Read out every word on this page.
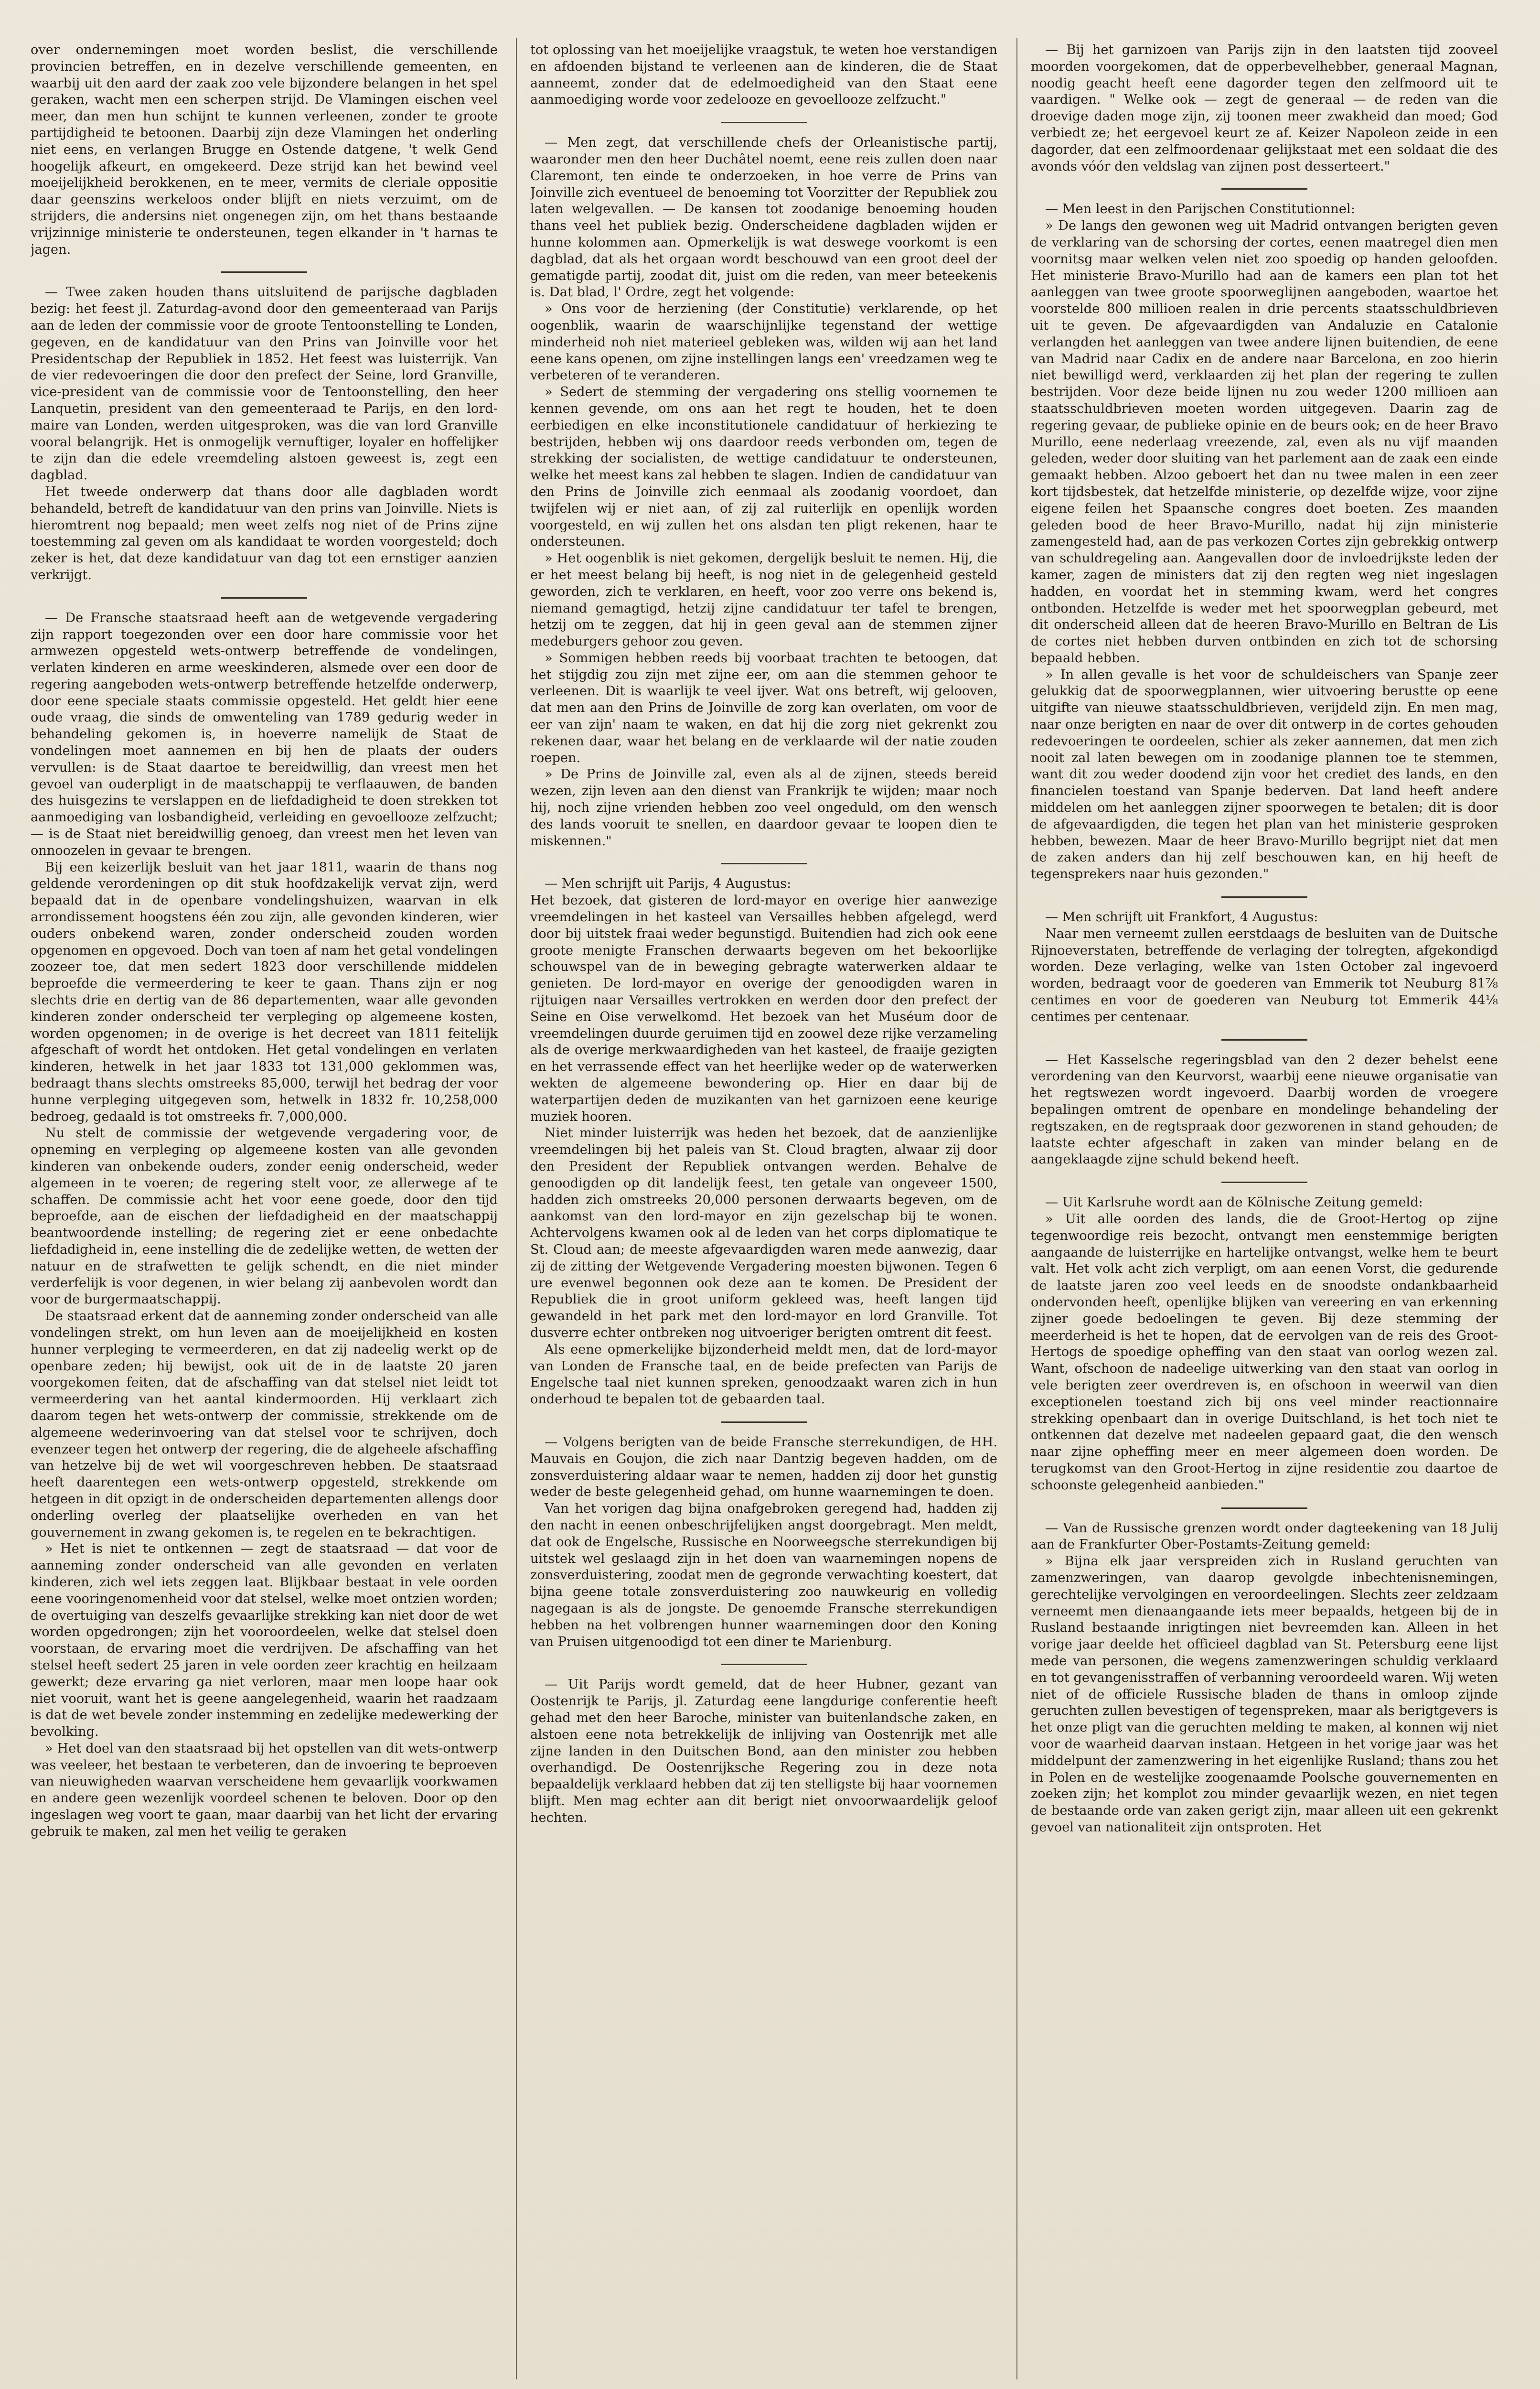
over ondernemingen moet worden beslist, die verschillende provincien betreffen, en in dezelve verschillende gemeenten, en waarbij uit den aard der zaak zoo vele bijzondere belangen in het spel geraken, wacht men een scherpen strijd. De Vlamingen eischen veel meer, dan men hun schijnt te kunnen verleenen, zonder te groote partijdigheid te betoonen. Daarbij zijn deze Vlamingen het onderling niet eens, en verlangen Brugge en Ostende datgene, 't welk Gend hoogelijk afkeurt, en omgekeerd. Deze strijd kan het bewind veel moeijelijkheid berokkenen, en te meer, vermits de cleriale oppositie daar geenszins werkeloos onder blijft en niets verzuimt, om de strijders, die andersins niet ongenegen zijn, om het thans bestaande vrijzinnige ministerie te ondersteunen, tegen elkander in 't harnas te jagen.

— Twee zaken houden thans uitsluitend de parijsche dagbladen bezig: het feest jl. Zaturdag-avond door den gemeenteraad van Parijs aan de leden der commissie voor de groote Tentoonstelling te Londen, gegeven, en de kandidatuur van den Prins van Joinville voor het Presidentschap der Republiek in 1852. Het feest was luisterrijk. Van de vier redevoeringen die door den prefect der Seine, lord Granville, vice-president van de commissie voor de Tentoonstelling, den heer Lanquetin, president van den gemeenteraad te Parijs, en den lord-maire van Londen, werden uitgesproken, was die van lord Granville vooral belangrijk. Het is onmogelijk vernuftiger, loyaler en hoffelijker te zijn dan die edele vreemdeling alstoen geweest is, zegt een dagblad.

Het tweede onderwerp dat thans door alle dagbladen wordt behandeld, betreft de kandidatuur van den prins van Joinville. Niets is hieromtrent nog bepaald; men weet zelfs nog niet of de Prins zijne toestemming zal geven om als kandidaat te worden voorgesteld; doch zeker is het, dat deze kandidatuur van dag tot een ernstiger aanzien verkrijgt.

— De Fransche staatsraad heeft aan de wetgevende vergadering zijn rapport toegezonden over een door hare commissie voor het armwezen opgesteld wets-ontwerp betreffende de vondelingen, verlaten kinderen en arme weeskinderen, alsmede over een door de regering aangeboden wets-ontwerp betreffende hetzelfde onderwerp, door eene speciale staats commissie opgesteld. Het geldt hier eene oude vraag, die sinds de omwenteling van 1789 gedurig weder in behandeling gekomen is, in hoeverre namelijk de Staat de vondelingen moet aannemen en bij hen de plaats der ouders vervullen: is de Staat daartoe te bereidwillig, dan vreest men het gevoel van ouderpligt in de maatschappij te verflaauwen, de banden des huisgezins te verslappen en de liefdadigheid te doen strekken tot aanmoediging van losbandigheid, verleiding en gevoellooze zelfzucht; — is de Staat niet bereidwillig genoeg, dan vreest men het leven van onnoozelen in gevaar te brengen.

Bij een keizerlijk besluit van het jaar 1811, waarin de thans nog geldende verordeningen op dit stuk hoofdzakelijk vervat zijn, werd bepaald dat in de openbare vondelingshuizen, waarvan in elk arrondissement hoogstens één zou zijn, alle gevonden kinderen, wier ouders onbekend waren, zonder onderscheid zouden worden opgenomen en opgevoed. Doch van toen af nam het getal vondelingen zoozeer toe, dat men sedert 1823 door verschillende middelen beproefde die vermeerdering te keer te gaan. Thans zijn er nog slechts drie en dertig van de 86 departementen, waar alle gevonden kinderen zonder onderscheid ter verpleging op algemeene kosten, worden opgenomen; in de overige is het decreet van 1811 feitelijk afgeschaft of wordt het ontdoken. Het getal vondelingen en verlaten kinderen, hetwelk in het jaar 1833 tot 131,000 geklommen was, bedraagt thans slechts omstreeks 85,000, terwijl het bedrag der voor hunne verpleging uitgegeven som, hetwelk in 1832 fr. 10,258,000 bedroeg, gedaald is tot omstreeks fr. 7,000,000.

Nu stelt de commissie der wetgevende vergadering voor, de opneming en verpleging op algemeene kosten van alle gevonden kinderen van onbekende ouders, zonder eenig onderscheid, weder algemeen in te voeren; de regering stelt voor, ze allerwege af te schaffen. De commissie acht het voor eene goede, door den tijd beproefde, aan de eischen der liefdadigheid en der maatschappij beantwoordende instelling; de regering ziet er eene onbedachte liefdadigheid in, eene instelling die de zedelijke wetten, de wetten der natuur en de strafwetten te gelijk schendt, en die niet minder verderfelijk is voor degenen, in wier belang zij aanbevolen wordt dan voor de burgermaatschappij.

De staatsraad erkent dat de aanneming zonder onderscheid van alle vondelingen strekt, om hun leven aan de moeijelijkheid en kosten hunner verpleging te vermeerderen, en dat zij nadeelig werkt op de openbare zeden; hij bewijst, ook uit de in de laatste 20 jaren voorgekomen feiten, dat de afschaffing van dat stelsel niet leidt tot vermeerdering van het aantal kindermoorden. Hij verklaart zich daarom tegen het wets-ontwerp der commissie, strekkende om de algemeene wederinvoering van dat stelsel voor te schrijven, doch evenzeer tegen het ontwerp der regering, die de algeheele afschaffing van hetzelve bij de wet wil voorgeschreven hebben. De staatsraad heeft daarentegen een wets-ontwerp opgesteld, strekkende om hetgeen in dit opzigt in de onderscheiden departementen allengs door onderling overleg der plaatselijke overheden en van het gouvernement in zwang gekomen is, te regelen en te bekrachtigen.

» Het is niet te ontkennen — zegt de staatsraad — dat voor de aanneming zonder onderscheid van alle gevonden en verlaten kinderen, zich wel iets zeggen laat. Blijkbaar bestaat in vele oorden eene vooringenomenheid voor dat stelsel, welke moet ontzien worden; de overtuiging van deszelfs gevaarlijke strekking kan niet door de wet worden opgedrongen; zijn het vooroordeelen, welke dat stelsel doen voorstaan, de ervaring moet die verdrijven. De afschaffing van het stelsel heeft sedert 25 jaren in vele oorden zeer krachtig en heilzaam gewerkt; deze ervaring ga niet verloren, maar men loope haar ook niet vooruit, want het is geene aangelegenheid, waarin het raadzaam is dat de wet bevele zonder instemming en zedelijke medewerking der bevolking.

» Het doel van den staatsraad bij het opstellen van dit wets-ontwerp was veeleer, het bestaan te verbeteren, dan de invoering te beproeven van nieuwigheden waarvan verscheidene hem gevaarlijk voorkwamen en andere geen wezenlijk voordeel schenen te beloven. Door op den ingeslagen weg voort te gaan, maar daarbij van het licht der ervaring gebruik te maken, zal men het veilig te geraken

tot oplossing van het moeijelijke vraagstuk, te weten hoe verstandigen en afdoenden bijstand te verleenen aan de kinderen, die de Staat aanneemt, zonder dat de edelmoedigheid van den Staat eene aanmoediging worde voor zedelooze en gevoellooze zelfzucht."

— Men zegt, dat verschillende chefs der Orleanistische partij, waaronder men den heer Duchâtel noemt, eene reis zullen doen naar Claremont, ten einde te onderzoeken, in hoe verre de Prins van Joinville zich eventueel de benoeming tot Voorzitter der Republiek zou laten welgevallen. — De kansen tot zoodanige benoeming houden thans veel het publiek bezig. Onderscheidene dagbladen wijden er hunne kolommen aan. Opmerkelijk is wat deswege voorkomt is een dagblad, dat als het orgaan wordt beschouwd van een groot deel der gematigde partij, zoodat dit, juist om die reden, van meer beteekenis is. Dat blad, l' Ordre, zegt het volgende:

» Ons voor de herziening (der Constitutie) verklarende, op het oogenblik, waarin de waarschijnlijke tegenstand der wettige minderheid noh niet materieel gebleken was, wilden wij aan het land eene kans openen, om zijne instellingen langs een' vreedzamen weg te verbeteren of te veranderen.

» Sedert de stemming der vergadering ons stellig voornemen te kennen gevende, om ons aan het regt te houden, het te doen eerbiedigen en elke inconstitutionele candidatuur of herkiezing te bestrijden, hebben wij ons daardoor reeds verbonden om, tegen de strekking der socialisten, de wettige candidatuur te ondersteunen, welke het meest kans zal hebben te slagen. Indien de candidatuur van den Prins de Joinville zich eenmaal als zoodanig voordoet, dan twijfelen wij er niet aan, of zij zal ruiterlijk en openlijk worden voorgesteld, en wij zullen het ons alsdan ten pligt rekenen, haar te ondersteunen.

» Het oogenblik is niet gekomen, dergelijk besluit te nemen. Hij, die er het meest belang bij heeft, is nog niet in de gelegenheid gesteld geworden, zich te verklaren, en heeft, voor zoo verre ons bekend is, niemand gemagtigd, hetzij zijne candidatuur ter tafel te brengen, hetzij om te zeggen, dat hij in geen geval aan de stemmen zijner medeburgers gehoor zou geven.

» Sommigen hebben reeds bij voorbaat trachten te betoogen, dat het stijgdig zou zijn met zijne eer, om aan die stemmen gehoor te verleenen. Dit is waarlijk te veel ijver. Wat ons betreft, wij gelooven, dat men aan den Prins de Joinville de zorg kan overlaten, om voor de eer van zijn' naam te waken, en dat hij die zorg niet gekrenkt zou rekenen daar, waar het belang en de verklaarde wil der natie zouden roepen.

» De Prins de Joinville zal, even als al de zijnen, steeds bereid wezen, zijn leven aan den dienst van Frankrijk te wijden; maar noch hij, noch zijne vrienden hebben zoo veel ongeduld, om den wensch des lands vooruit te snellen, en daardoor gevaar te loopen dien te miskennen."

— Men schrijft uit Parijs, 4 Augustus:

Het bezoek, dat gisteren de lord-mayor en overige hier aanwezige vreemdelingen in het kasteel van Versailles hebben afgelegd, werd door bij uitstek fraai weder begunstigd. Buitendien had zich ook eene groote menigte Franschen derwaarts begeven om het bekoorlijke schouwspel van de in beweging gebragte waterwerken aldaar te genieten. De lord-mayor en overige der genoodigden waren in rijtuigen naar Versailles vertrokken en werden door den prefect der Seine en Oise verwelkomd. Het bezoek van het Muséum door de vreemdelingen duurde geruimen tijd en zoowel deze rijke verzameling als de overige merkwaardigheden van het kasteel, de fraaije gezigten en het verrassende effect van het heerlijke weder op de waterwerken wekten de algemeene bewondering op. Hier en daar bij de waterpartijen deden de muzikanten van het garnizoen eene keurige muziek hooren.

Niet minder luisterrijk was heden het bezoek, dat de aanzienlijke vreemdelingen bij het paleis van St. Cloud bragten, alwaar zij door den President der Republiek ontvangen werden. Behalve de genoodigden op dit landelijk feest, ten getale van ongeveer 1500, hadden zich omstreeks 20,000 personen derwaarts begeven, om de aankomst van den lord-mayor en zijn gezelschap bij te wonen. Achtervolgens kwamen ook al de leden van het corps diplomatique te St. Cloud aan; de meeste afgevaardigden waren mede aanwezig, daar zij de zitting der Wetgevende Vergadering moesten bijwonen. Tegen 6 ure evenwel begonnen ook deze aan te komen. De President der Republiek die in groot uniform gekleed was, heeft langen tijd gewandeld in het park met den lord-mayor en lord Granville. Tot dusverre echter ontbreken nog uitvoeriger berigten omtrent dit feest.

Als eene opmerkelijke bijzonderheid meldt men, dat de lord-mayor van Londen de Fransche taal, en de beide prefecten van Parijs de Engelsche taal niet kunnen spreken, genoodzaakt waren zich in hun onderhoud te bepalen tot de gebaarden taal.

— Volgens berigten van de beide Fransche sterrekundigen, de HH. Mauvais en Goujon, die zich naar Dantzig begeven hadden, om de zonsverduistering aldaar waar te nemen, hadden zij door het gunstig weder de beste gelegenheid gehad, om hunne waarnemingen te doen.

Van het vorigen dag bijna onafgebroken geregend had, hadden zij den nacht in eenen onbeschrijfelijken angst doorgebragt. Men meldt, dat ook de Engelsche, Russische en Noorweegsche sterrekundigen bij uitstek wel geslaagd zijn in het doen van waarnemingen nopens de zonsverduistering, zoodat men de gegronde verwachting koestert, dat bijna geene totale zonsverduistering zoo nauwkeurig en volledig nagegaan is als de jongste. De genoemde Fransche sterrekundigen hebben na het volbrengen hunner waarnemingen door den Koning van Pruisen uitgenoodigd tot een diner te Marienburg.

— Uit Parijs wordt gemeld, dat de heer Hubner, gezant van Oostenrijk te Parijs, jl. Zaturdag eene langdurige conferentie heeft gehad met den heer Baroche, minister van buitenlandsche zaken, en alstoen eene nota betrekkelijk de inlijving van Oostenrijk met alle zijne landen in den Duitschen Bond, aan den minister zou hebben overhandigd. De Oostenrijksche Regering zou in deze nota bepaaldelijk verklaard hebben dat zij ten stelligste bij haar voornemen blijft. Men mag echter aan dit berigt niet onvoorwaardelijk geloof hechten.

— Bij het garnizoen van Parijs zijn in den laatsten tijd zooveel moorden voorgekomen, dat de opperbevelhebber, generaal Magnan, noodig geacht heeft eene dagorder tegen den zelfmoord uit te vaardigen. " Welke ook — zegt de generaal — de reden van die droevige daden moge zijn, zij toonen meer zwakheid dan moed; God verbiedt ze; het eergevoel keurt ze af. Keizer Napoleon zeide in een dagorder, dat een zelfmoordenaar gelijkstaat met een soldaat die des avonds vóór den veldslag van zijnen post desserteert."

— Men leest in den Parijschen Constitutionnel:

» De langs den gewonen weg uit Madrid ontvangen berigten geven de verklaring van de schorsing der cortes, eenen maatregel dien men voornitsg maar welken velen niet zoo spoedig op handen geloofden. Het ministerie Bravo-Murillo had aan de kamers een plan tot het aanleggen van twee groote spoorweglijnen aangeboden, waartoe het voorstelde 800 millioen realen in drie percents staatsschuldbrieven uit te geven. De afgevaardigden van Andaluzie en Catalonie verlangden het aanleggen van twee andere lijnen buitendien, de eene van Madrid naar Cadix en de andere naar Barcelona, en zoo hierin niet bewilligd werd, verklaarden zij het plan der regering te zullen bestrijden. Voor deze beide lijnen nu zou weder 1200 millioen aan staatsschuldbrieven moeten worden uitgegeven. Daarin zag de regering gevaar, de publieke opinie en de beurs ook; en de heer Bravo Murillo, eene nederlaag vreezende, zal, even als nu vijf maanden geleden, weder door sluiting van het parlement aan de zaak een einde gemaakt hebben. Alzoo geboert het dan nu twee malen in een zeer kort tijdsbestek, dat hetzelfde ministerie, op dezelfde wijze, voor zijne eigene feilen het Spaansche congres doet boeten. Zes maanden geleden bood de heer Bravo-Murillo, nadat hij zijn ministerie zamengesteld had, aan de pas verkozen Cortes zijn gebrekkig ontwerp van schuldregeling aan. Aangevallen door de invloedrijkste leden der kamer, zagen de ministers dat zij den regten weg niet ingeslagen hadden, en voordat het in stemming kwam, werd het congres ontbonden. Hetzelfde is weder met het spoorwegplan gebeurd, met dit onderscheid alleen dat de heeren Bravo-Murillo en Beltran de Lis de cortes niet hebben durven ontbinden en zich tot de schorsing bepaald hebben.

» In allen gevalle is het voor de schuldeischers van Spanje zeer gelukkig dat de spoorwegplannen, wier uitvoering berustte op eene uitgifte van nieuwe staatsschuldbrieven, verijdeld zijn. En men mag, naar onze berigten en naar de over dit ontwerp in de cortes gehouden redevoeringen te oordeelen, schier als zeker aannemen, dat men zich nooit zal laten bewegen om in zoodanige plannen toe te stemmen, want dit zou weder doodend zijn voor het crediet des lands, en den financielen toestand van Spanje bederven. Dat land heeft andere middelen om het aanleggen zijner spoorwegen te betalen; dit is door de afgevaardigden, die tegen het plan van het ministerie gesproken hebben, bewezen. Maar de heer Bravo-Murillo begrijpt niet dat men de zaken anders dan hij zelf beschouwen kan, en hij heeft de tegensprekers naar huis gezonden."

— Men schrijft uit Frankfort, 4 Augustus:

Naar men verneemt zullen eerstdaags de besluiten van de Duitsche Rijnoeverstaten, betreffende de verlaging der tolregten, afgekondigd worden. Deze verlaging, welke van 1sten October zal ingevoerd worden, bedraagt voor de goederen van Emmerik tot Neuburg 81⅞ centimes en voor de goederen van Neuburg tot Emmerik 44⅛ centimes per centenaar.

— Het Kasselsche regeringsblad van den 2 dezer behelst eene verordening van den Keurvorst, waarbij eene nieuwe organisatie van het regtswezen wordt ingevoerd. Daarbij worden de vroegere bepalingen omtrent de openbare en mondelinge behandeling der regtszaken, en de regtspraak door gezworenen in stand gehouden; de laatste echter afgeschaft in zaken van minder belang en de aangeklaagde zijne schuld bekend heeft.

— Uit Karlsruhe wordt aan de Kölnische Zeitung gemeld:

» Uit alle oorden des lands, die de Groot-Hertog op zijne tegenwoordige reis bezocht, ontvangt men eenstemmige berigten aangaande de luisterrijke en hartelijke ontvangst, welke hem te beurt valt. Het volk acht zich verpligt, om aan eenen Vorst, die gedurende de laatste jaren zoo veel leeds en de snoodste ondankbaarheid ondervonden heeft, openlijke blijken van vereering en van erkenning zijner goede bedoelingen te geven. Bij deze stemming der meerderheid is het te hopen, dat de eervolgen van de reis des Groot-Hertogs de spoedige opheffing van den staat van oorlog wezen zal. Want, ofschoon de nadeelige uitwerking van den staat van oorlog in vele berigten zeer overdreven is, en ofschoon in weerwil van dien exceptionelen toestand zich bij ons veel minder reactionnaire strekking openbaart dan in overige Duitschland, is het toch niet te ontkennen dat dezelve met nadeelen gepaard gaat, die den wensch naar zijne opheffing meer en meer algemeen doen worden. De terugkomst van den Groot-Hertog in zijne residentie zou daartoe de schoonste gelegenheid aanbieden."

— Van de Russische grenzen wordt onder dagteekening van 18 Julij aan de Frankfurter Ober-Postamts-Zeitung gemeld:

» Bijna elk jaar verspreiden zich in Rusland geruchten van zamenzweringen, van daarop gevolgde inbechtenisnemingen, gerechtelijke vervolgingen en veroordeelingen. Slechts zeer zeldzaam verneemt men dienaangaande iets meer bepaalds, hetgeen bij de in Rusland bestaande inrigtingen niet bevreemden kan. Alleen in het vorige jaar deelde het officieel dagblad van St. Petersburg eene lijst mede van personen, die wegens zamenzweringen schuldig verklaard en tot gevangenisstraffen of verbanning veroordeeld waren. Wij weten niet of de officiele Russische bladen de thans in omloop zijnde geruchten zullen bevestigen of tegenspreken, maar als berigtgevers is het onze pligt van die geruchten melding te maken, al konnen wij niet voor de waarheid daarvan instaan. Hetgeen in het vorige jaar was het middelpunt der zamenzwering in het eigenlijke Rusland; thans zou het in Polen en de westelijke zoogenaamde Poolsche gouvernementen en zoeken zijn; het komplot zou minder gevaarlijk wezen, en niet tegen de bestaande orde van zaken gerigt zijn, maar alleen uit een gekrenkt gevoel van nationaliteit zijn ontsproten. Het
